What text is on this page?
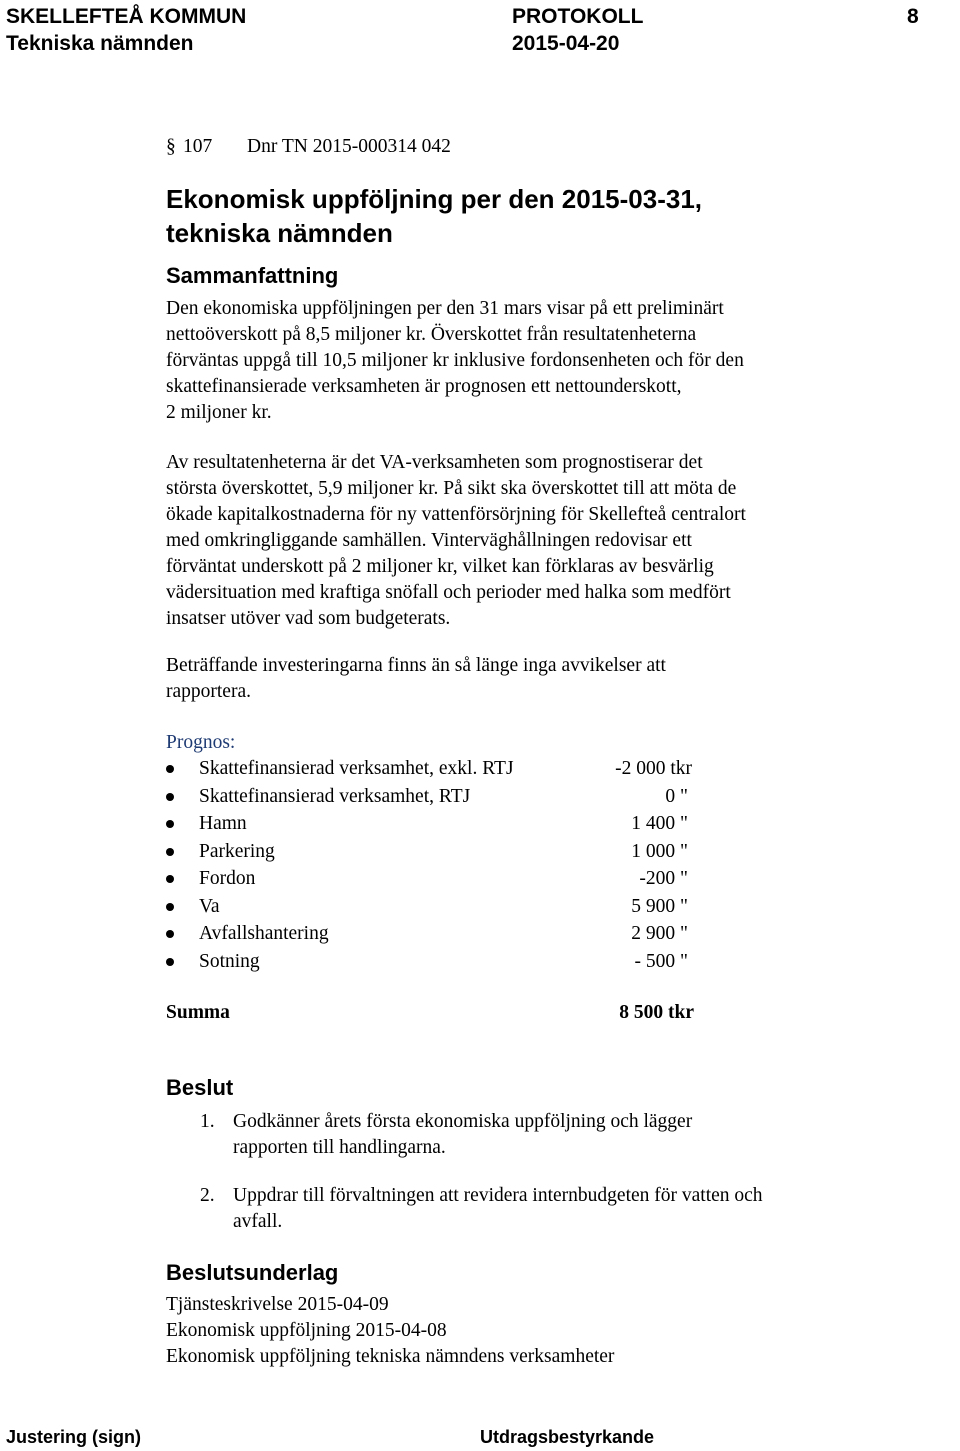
SKELLEFTEÅ KOMMUN
Tekniska nämnden
PROTOKOLL
2015-04-20
8
§ 107 Dnr TN 2015-000314 042
Ekonomisk uppföljning per den 2015-03-31,
tekniska nämnden
Sammanfattning

Den ekonomiska uppföljningen per den 31 mars visar på ett preliminärt
nettoöverskott på 8,5 miljoner kr. Överskottet från resultatenheterna
förväntas uppgå till 10,5 miljoner kr inklusive fordonsenheten och för den
skattefinansierade verksamheten är prognosen ett nettounderskott,
2 miljoner kr.

Av resultatenheterna är det VA-verksamheten som prognostiserar det
största överskottet, 5,9 miljoner kr. På sikt ska överskottet till att möta de
ökade kapitalkostnaderna för ny vattenförsörjning för Skellefteå centralort
med omkringliggande samhällen. Vinterväghållningen redovisar ett
förväntat underskott på 2 miljoner kr, vilket kan förklaras av besvärlig
vädersituation med kraftiga snöfall och perioder med halka som medfört
insatser utöver vad som budgeterats.

Beträffande investeringarna finns än så länge inga avvikelser att
rapportera.

Prognos:
Skattefinansierad verksamhet, exkl. RTJ	-2 000 tkr
Skattefinansierad verksamhet, RTJ	0 "
Hamn	1 400 "
Parkering	1 000 "
Fordon	-200 "
Va	5 900 "
Avfallshantering	2 900 "
Sotning	- 500 "
Summa	8 500 tkr
Beslut
1. Godkänner årets första ekonomiska uppföljning och lägger
rapporten till handlingarna.

2. Uppdrar till förvaltningen att revidera internbudgeten för vatten och
avfall.

Beslutsunderlag
Tjänsteskrivelse 2015-04-09
Ekonomisk uppföljning 2015-04-08
Ekonomisk uppföljning tekniska nämndens verksamheter
Justering (sign)	Utdragsbestyrkande
